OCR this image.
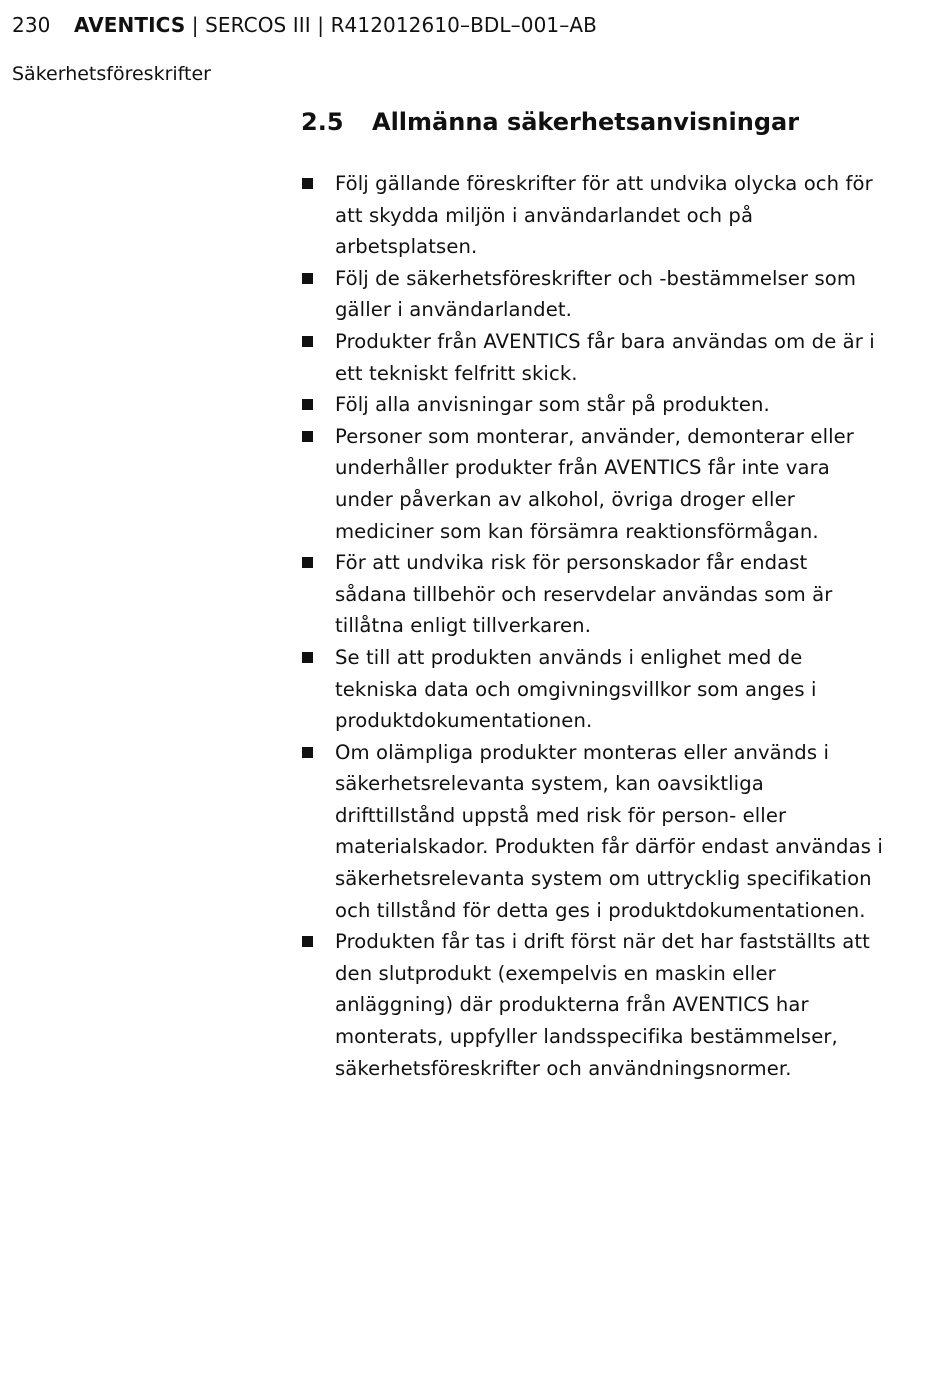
230 AVENTICS | SERCOS III | R412012610–BDL–001–AB
Säkerhetsföreskrifter
2.5 Allmänna säkerhetsanvisningar
Följ gällande föreskrifter för att undvika olycka och för att skydda miljön i användarlandet och på arbetsplatsen.
Följ de säkerhetsföreskrifter och -bestämmelser som gäller i användarlandet.
Produkter från AVENTICS får bara användas om de är i ett tekniskt felfritt skick.
Följ alla anvisningar som står på produkten.
Personer som monterar, använder, demonterar eller underhåller produkter från AVENTICS får inte vara under påverkan av alkohol, övriga droger eller mediciner som kan försämra reaktionsförmågan.
För att undvika risk för personskador får endast sådana tillbehör och reservdelar användas som är tillåtna enligt tillverkaren.
Se till att produkten används i enlighet med de tekniska data och omgivningsvillkor som anges i produktdokumentationen.
Om olämpliga produkter monteras eller används i säkerhetsrelevanta system, kan oavsiktliga drifttillstånd uppstå med risk för person- eller materialskador. Produkten får därför endast användas i säkerhetsrelevanta system om uttrycklig specifikation och tillstånd för detta ges i produktdokumentationen.
Produkten får tas i drift först när det har fastställts att den slutprodukt (exempelvis en maskin eller anläggning) där produkterna från AVENTICS har monterats, uppfyller landsspecifika bestämmelser, säkerhetsföreskrifter och användningsnormer.
